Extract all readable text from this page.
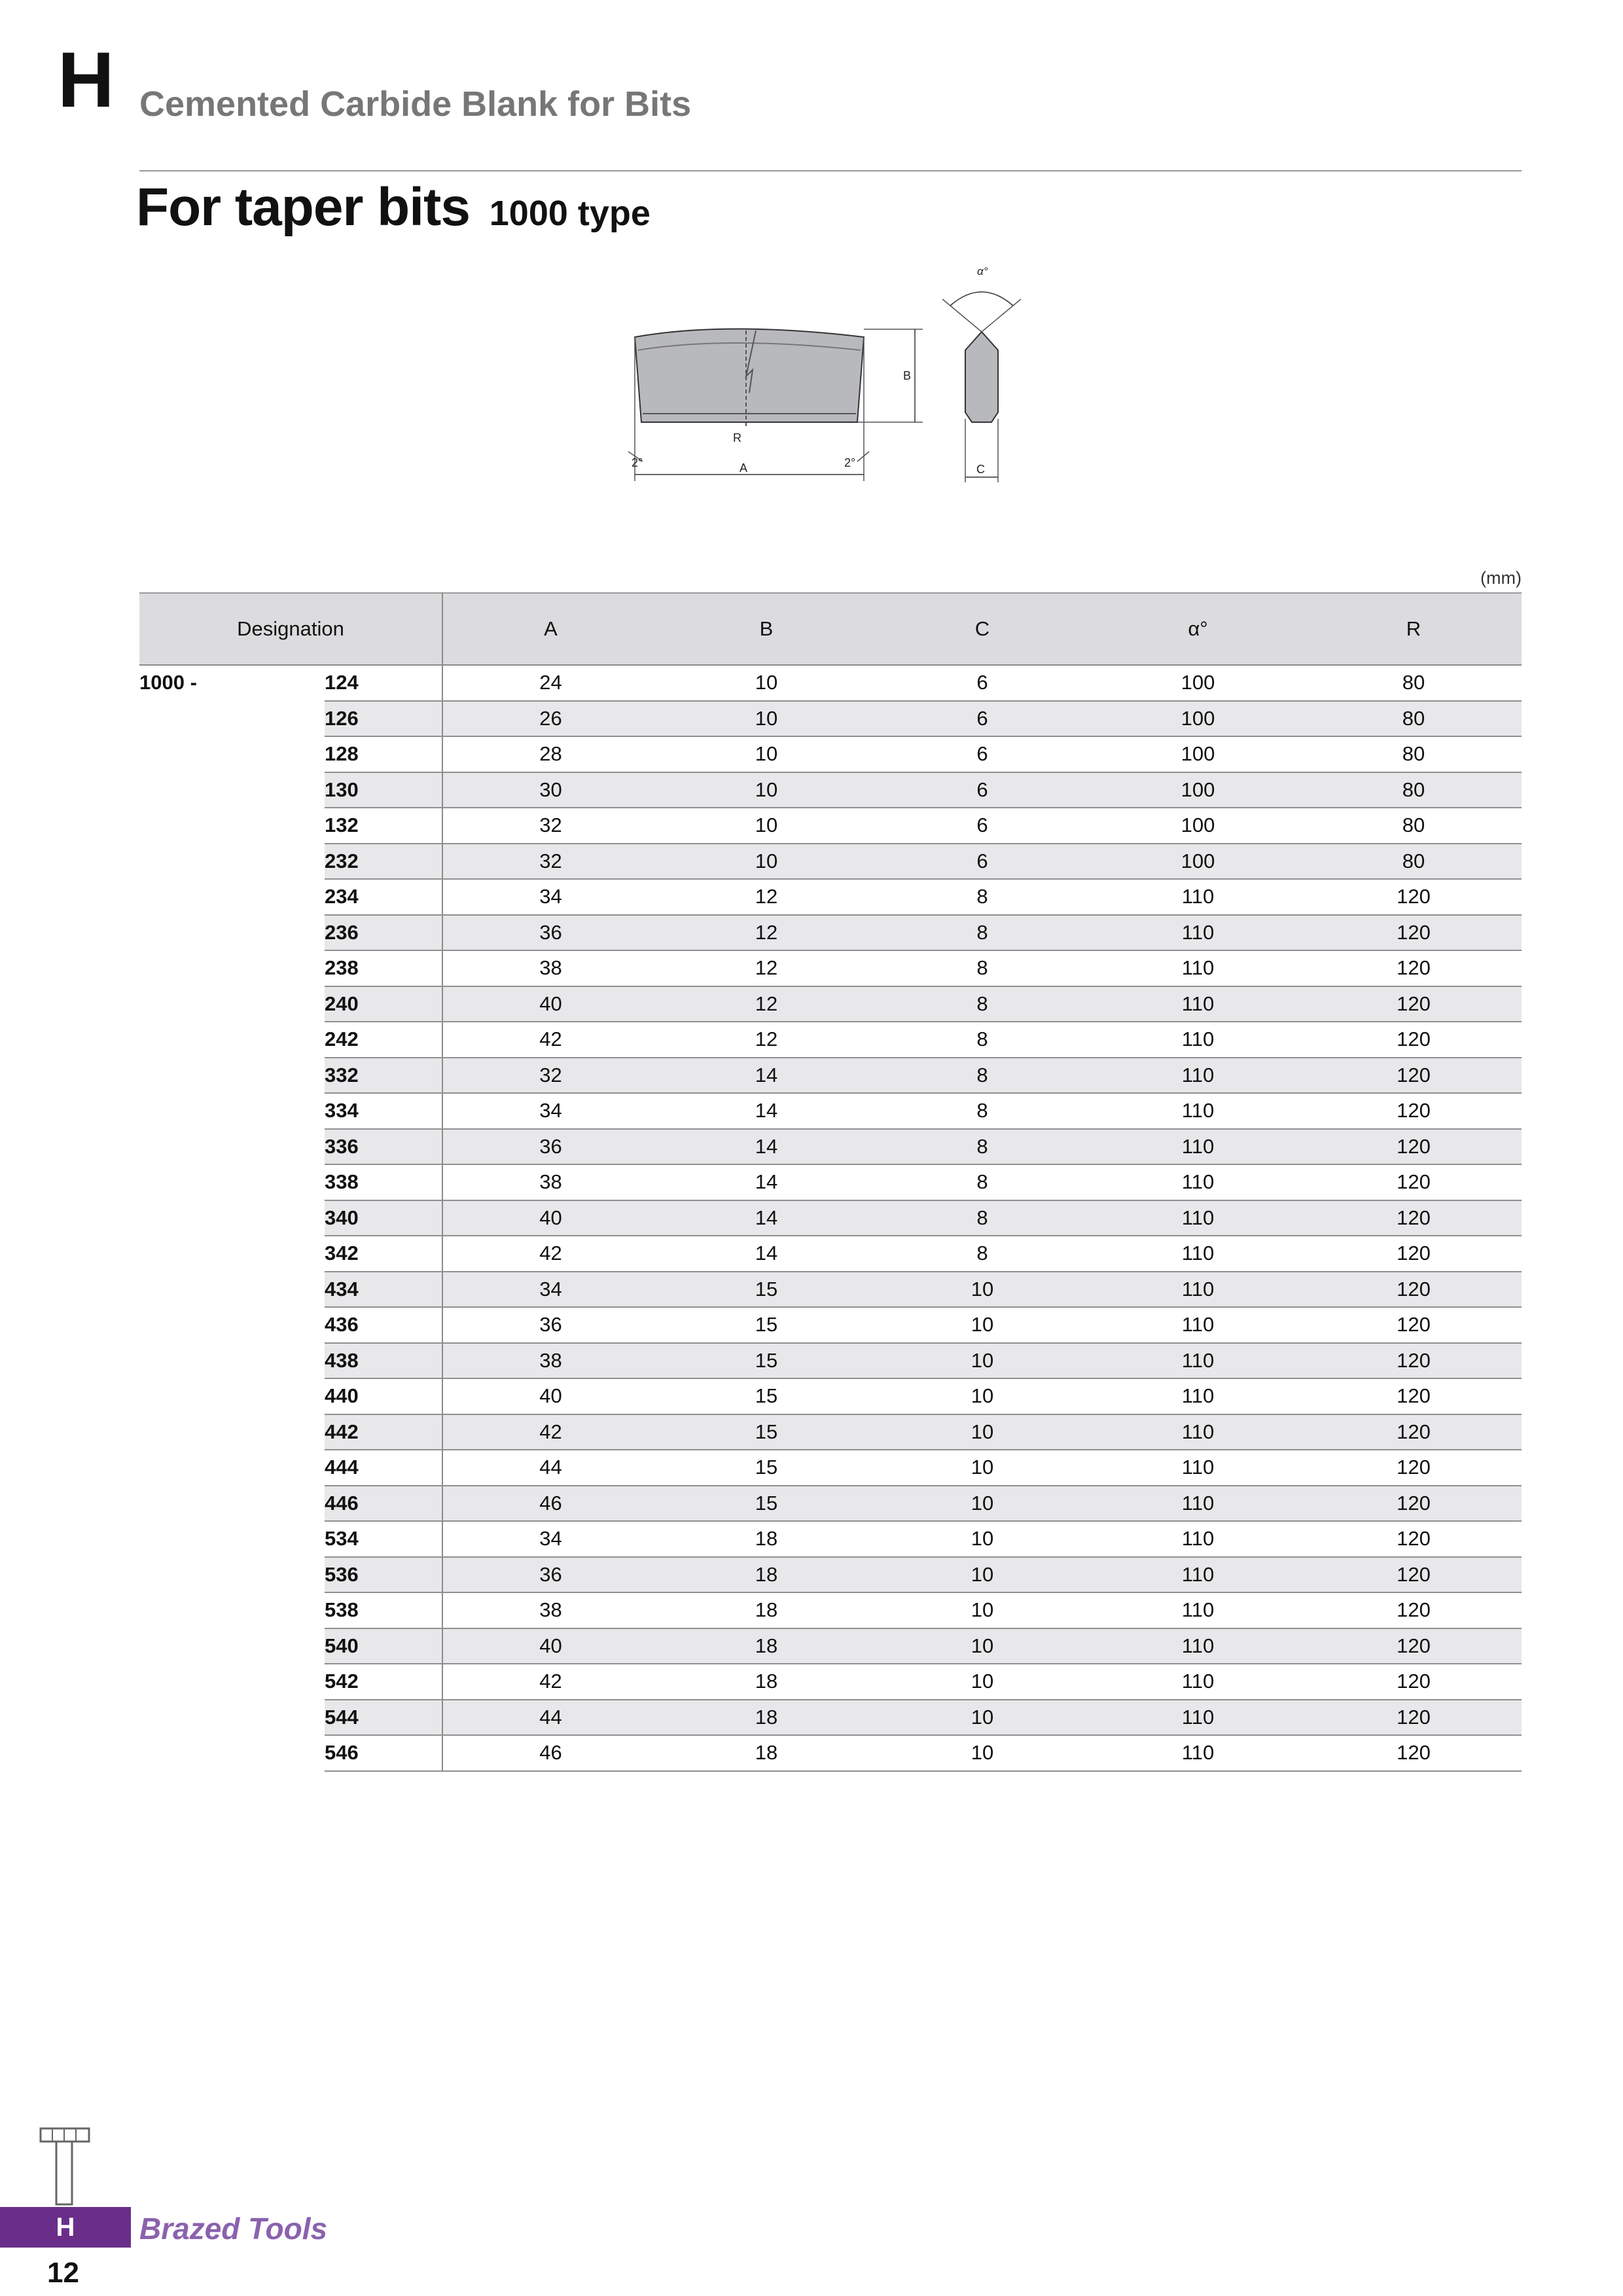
H Cemented Carbide Blank for Bits
For taper bits 1000 type
α°
B
R
A	C
2°	2°
(mm)
Designation		A	B	C	α°	R
1000 -	124	24	10	6	100	80
	126	26	10	6	100	80
	128	28	10	6	100	80
	130	30	10	6	100	80
	132	32	10	6	100	80
	232	32	10	6	100	80
	234	34	12	8	110	120
	236	36	12	8	110	120
	238	38	12	8	110	120
	240	40	12	8	110	120
	242	42	12	8	110	120
	332	32	14	8	110	120
	334	34	14	8	110	120
	336	36	14	8	110	120
	338	38	14	8	110	120
	340	40	14	8	110	120
	342	42	14	8	110	120
	434	34	15	10	110	120
	436	36	15	10	110	120
	438	38	15	10	110	120
	440	40	15	10	110	120
	442	42	15	10	110	120
	444	44	15	10	110	120
	446	46	15	10	110	120
	534	34	18	10	110	120
	536	36	18	10	110	120
	538	38	18	10	110	120
	540	40	18	10	110	120
	542	42	18	10	110	120
	544	44	18	10	110	120
	546	46	18	10	110	120
H	Brazed Tools
12
